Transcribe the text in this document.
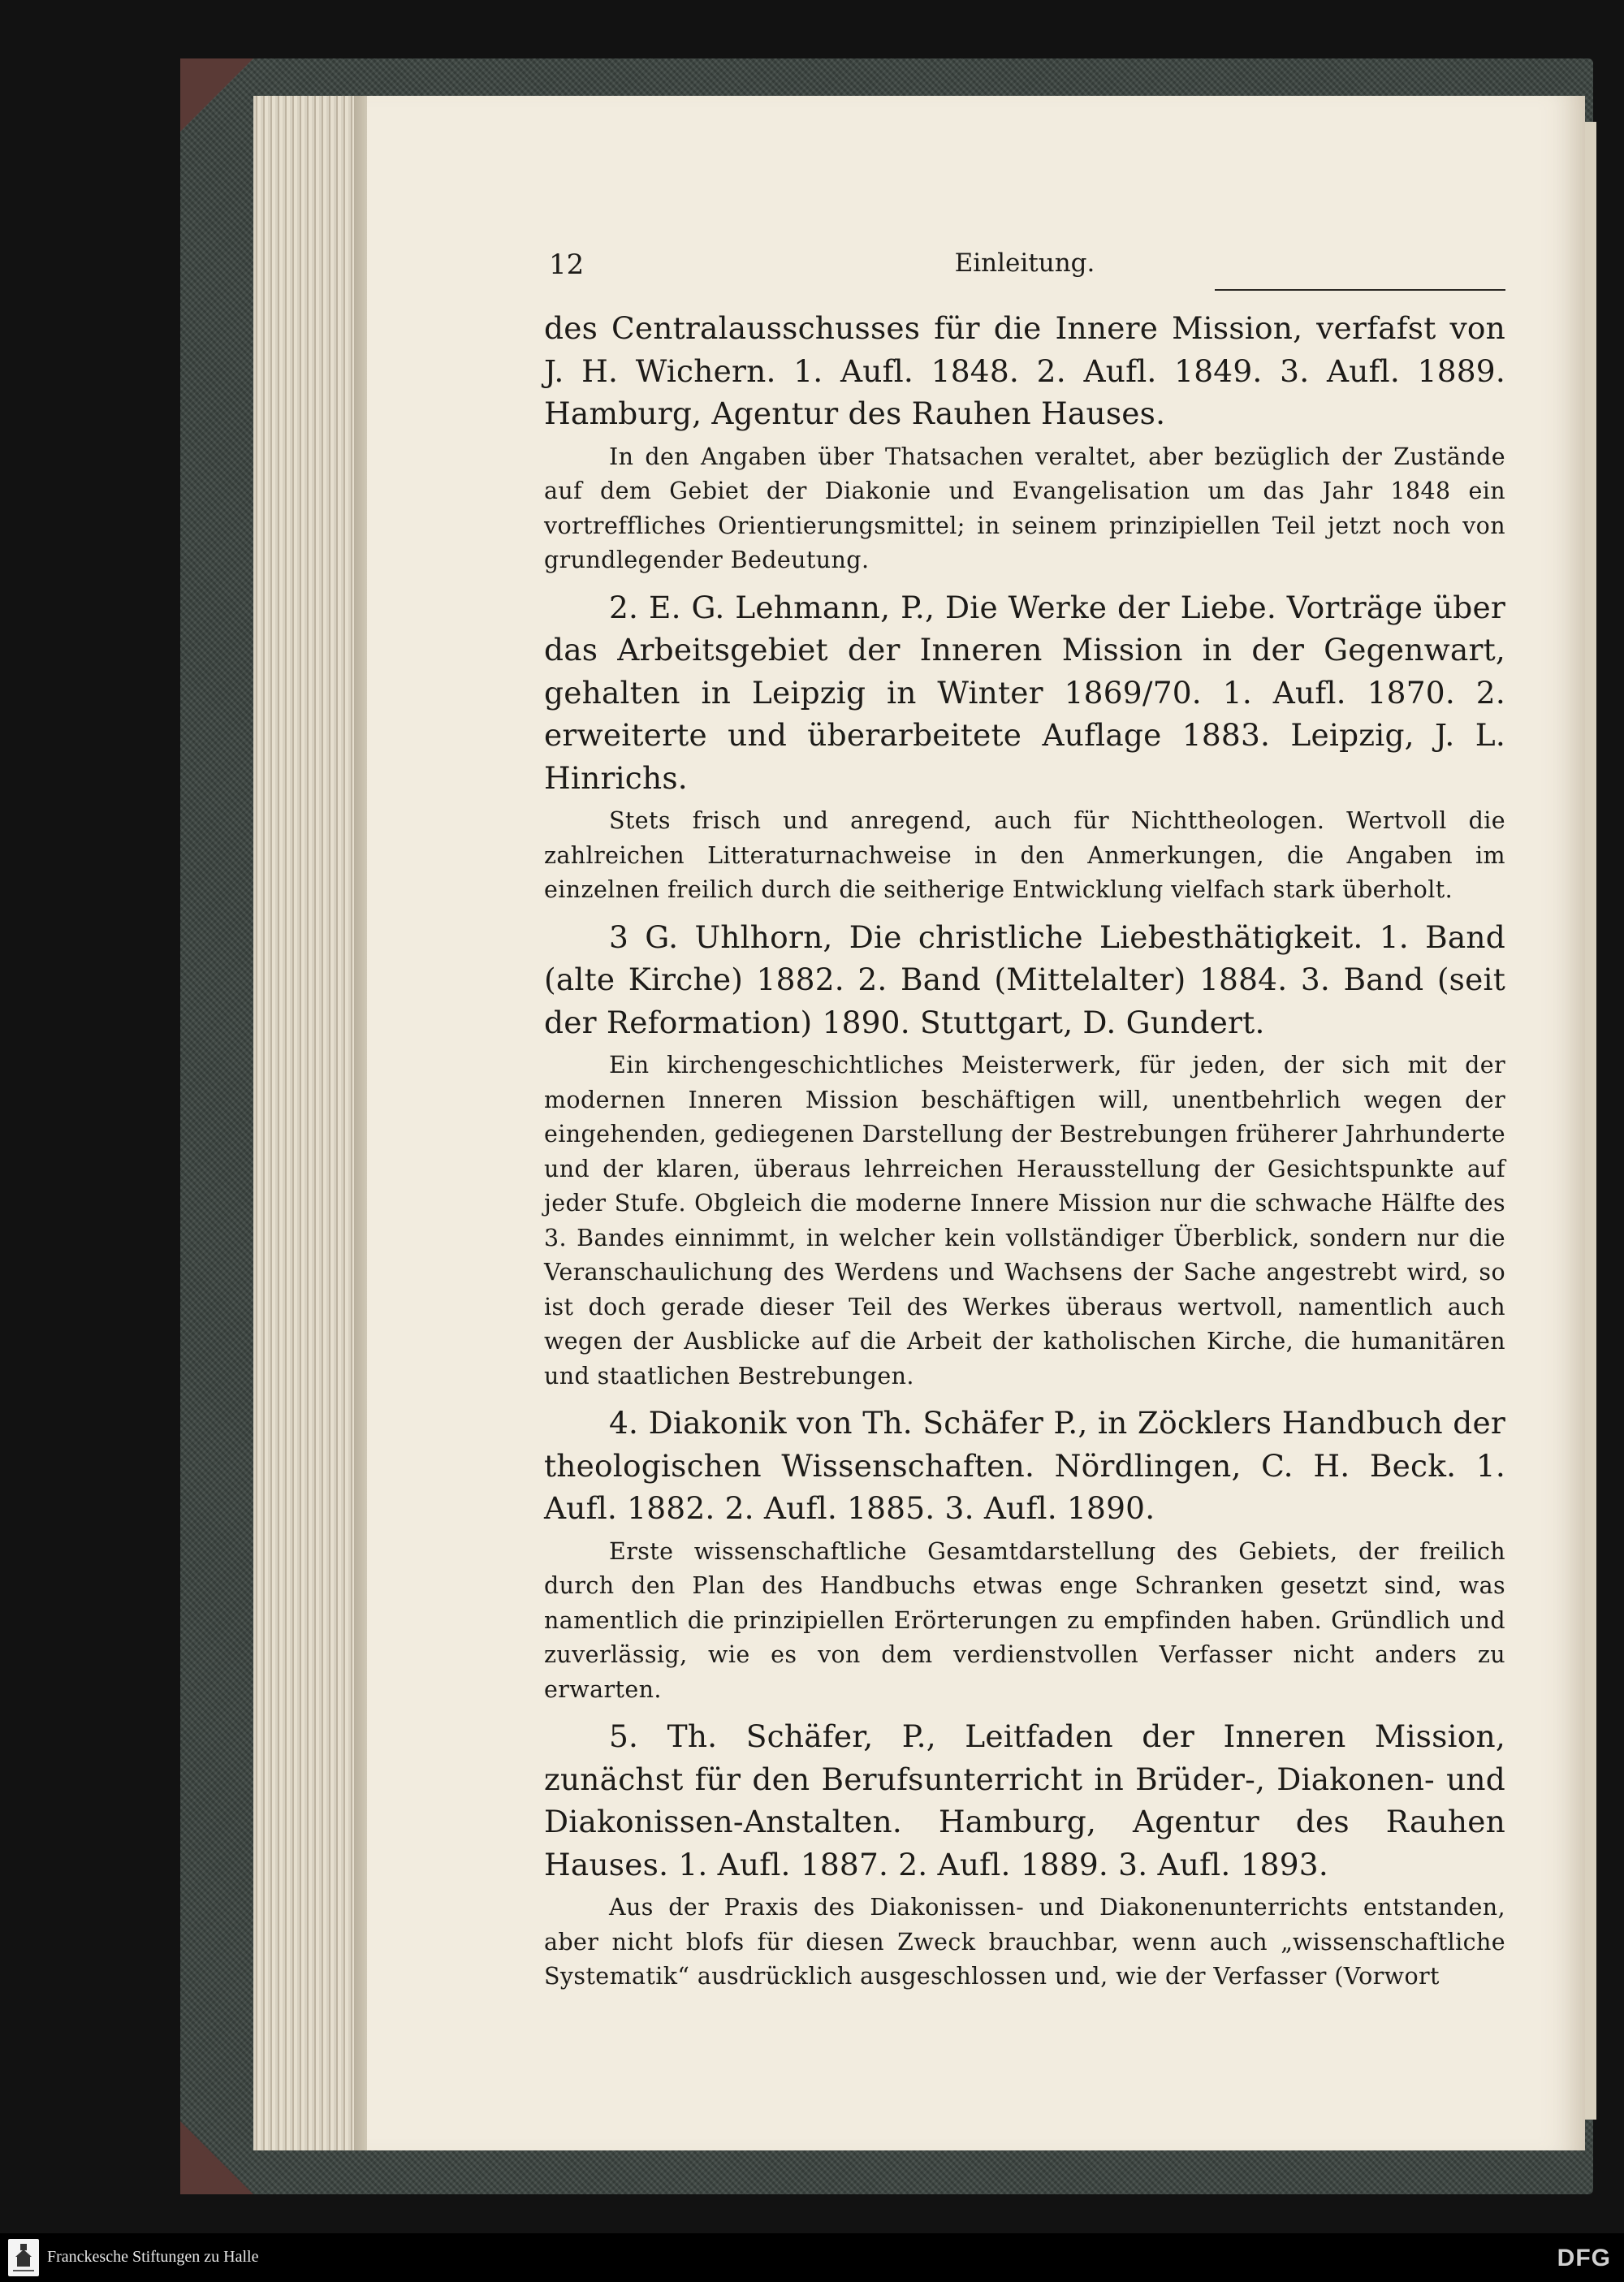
12	Einleitung.

des Centralausschusses für die Innere Mission, verfafst von J. H. Wichern. 1. Aufl. 1848. 2. Aufl. 1849. 3. Aufl. 1889. Hamburg, Agentur des Rauhen Hauses.

In den Angaben über Thatsachen veraltet, aber bezüglich der Zustände auf dem Gebiet der Diakonie und Evangelisation um das Jahr 1848 ein vortreffliches Orientierungsmittel; in seinem prinzipiellen Teil jetzt noch von grundlegender Bedeutung.

2. E. G. Lehmann, P., Die Werke der Liebe. Vorträge über das Arbeitsgebiet der Inneren Mission in der Gegenwart, gehalten in Leipzig in Winter 1869/70. 1. Aufl. 1870. 2. erweiterte und überarbeitete Auflage 1883. Leipzig, J. L. Hinrichs.

Stets frisch und anregend, auch für Nichttheologen. Wertvoll die zahlreichen Litteraturnachweise in den Anmerkungen, die Angaben im einzelnen freilich durch die seitherige Entwicklung vielfach stark überholt.

3 G. Uhlhorn, Die christliche Liebesthätigkeit. 1. Band (alte Kirche) 1882. 2. Band (Mittelalter) 1884. 3. Band (seit der Reformation) 1890. Stuttgart, D. Gundert.

Ein kirchengeschichtliches Meisterwerk, für jeden, der sich mit der modernen Inneren Mission beschäftigen will, unentbehrlich wegen der eingehenden, gediegenen Darstellung der Bestrebungen früherer Jahrhunderte und der klaren, überaus lehrreichen Herausstellung der Gesichtspunkte auf jeder Stufe. Obgleich die moderne Innere Mission nur die schwache Hälfte des 3. Bandes einnimmt, in welcher kein vollständiger Überblick, sondern nur die Veranschaulichung des Werdens und Wachsens der Sache angestrebt wird, so ist doch gerade dieser Teil des Werkes überaus wertvoll, namentlich auch wegen der Ausblicke auf die Arbeit der katholischen Kirche, die humanitären und staatlichen Bestrebungen.

4. Diakonik von Th. Schäfer P., in Zöcklers Handbuch der theologischen Wissenschaften. Nördlingen, C. H. Beck. 1. Aufl. 1882. 2. Aufl. 1885. 3. Aufl. 1890.

Erste wissenschaftliche Gesamtdarstellung des Gebiets, der freilich durch den Plan des Handbuchs etwas enge Schranken gesetzt sind, was namentlich die prinzipiellen Erörterungen zu empfinden haben. Gründlich und zuverlässig, wie es von dem verdienstvollen Verfasser nicht anders zu erwarten.

5. Th. Schäfer, P., Leitfaden der Inneren Mission, zunächst für den Berufsunterricht in Brüder-, Diakonen- und Diakonissen-Anstalten. Hamburg, Agentur des Rauhen Hauses. 1. Aufl. 1887. 2. Aufl. 1889. 3. Aufl. 1893.

Aus der Praxis des Diakonissen- und Diakonenunterrichts entstanden, aber nicht blofs für diesen Zweck brauchbar, wenn auch „wissenschaftliche Systematik“ ausdrücklich ausgeschlossen und, wie der Verfasser (Vorwort

Franckesche Stiftungen zu Halle	DFG
